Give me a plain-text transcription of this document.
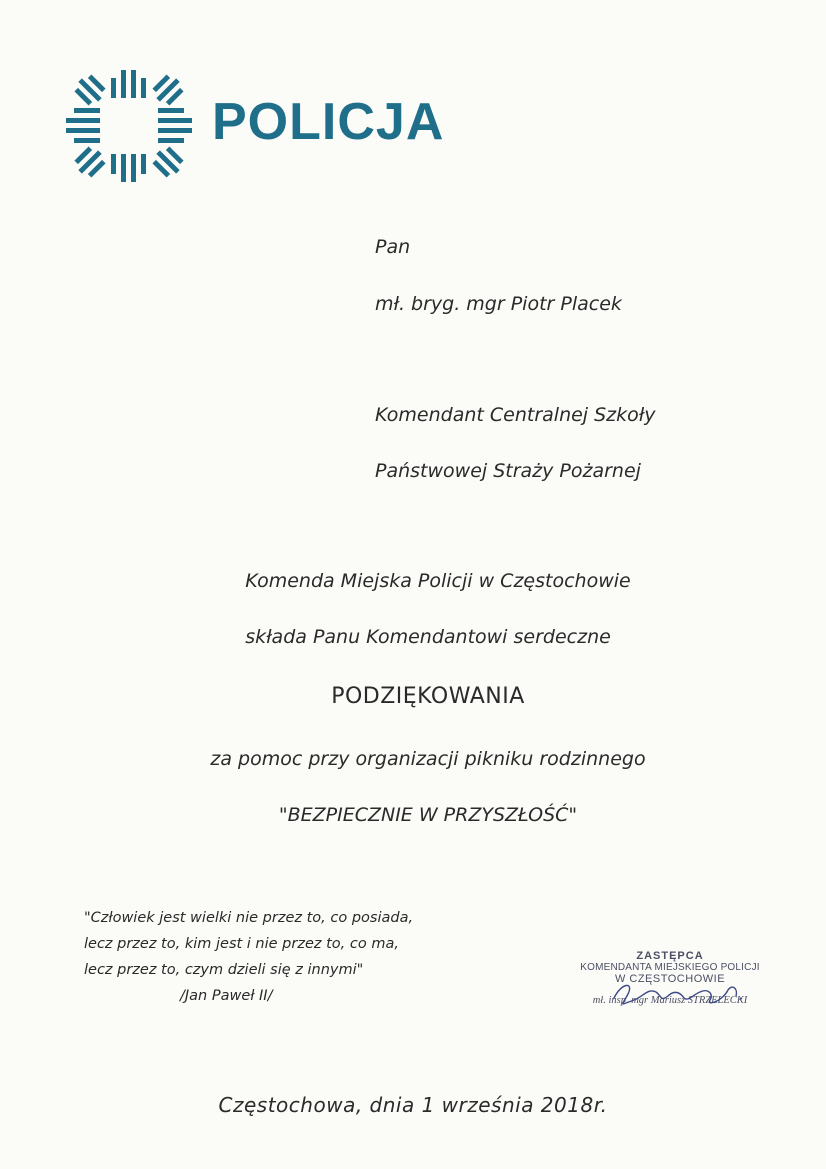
POLICJA
Pan
mł. bryg. mgr Piotr Placek
Komendant Centralnej Szkoły
Państwowej Straży Pożarnej
Komenda Miejska Policji w Częstochowie
składa Panu Komendantowi serdeczne
PODZIĘKOWANIA
za pomoc przy organizacji pikniku rodzinnego
"BEZPIECZNIE W PRZYSZŁOŚĆ"
"Człowiek jest wielki nie przez to, co posiada,
lecz przez to, kim jest i nie przez to, co ma,
lecz przez to, czym dzieli się z innymi"
/Jan Paweł II/
ZASTĘPCA
KOMENDANTA MIEJSKIEGO POLICJI
W CZĘSTOCHOWIE
mł. insp. mgr Mariusz STRZELECKI
Częstochowa, dnia 1 września 2018r.
